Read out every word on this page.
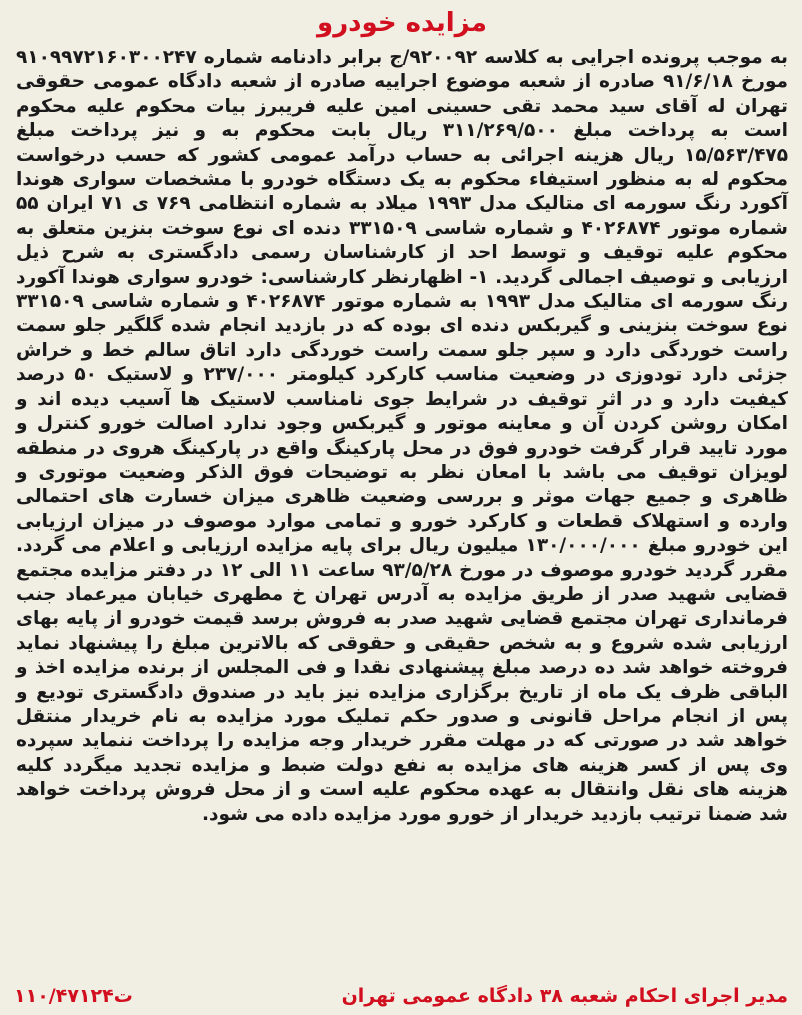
مزایده خودرو

به موجب پرونده اجرایی به کلاسه ۹۲۰۰۹۲/ج برابر دادنامه شماره ۹۱۰۹۹۷۲۱۶۰۳۰۰۲۴۷ مورخ ۹۱/۶/۱۸ صادره از شعبه موضوع اجراییه صادره از شعبه دادگاه عمومی حقوقی تهران له آقای سید محمد تقی حسینی امین علیه فریبرز بیات محکوم علیه محکوم است به پرداخت مبلغ ۳۱۱/۲۶۹/۵۰۰ ریال بابت محکوم به و نیز پرداخت مبلغ ۱۵/۵۶۳/۴۷۵ ریال هزینه اجرائی به حساب درآمد عمومی کشور که حسب درخواست محکوم له به منظور استیفاء محکوم به یک دستگاه خودرو با مشخصات سواری هوندا آکورد رنگ سورمه ای متالیک مدل ۱۹۹۳ میلاد به شماره انتظامی ۷۶۹ ی ۷۱ ایران ۵۵ شماره موتور ۴۰۲۶۸۷۴ و شماره شاسی ۳۳۱۵۰۹ دنده ای نوع سوخت بنزین متعلق به محکوم علیه توقیف و توسط احد از کارشناسان رسمی دادگستری به شرح ذیل ارزیابی و توصیف اجمالی گردید. ۱- اظهارنظر کارشناسی: خودرو سواری هوندا آکورد رنگ سورمه ای متالیک مدل ۱۹۹۳ به شماره موتور ۴۰۲۶۸۷۴ و شماره شاسی ۳۳۱۵۰۹ نوع سوخت بنزینی و گیربکس دنده ای بوده که در بازدید انجام شده گلگیر جلو سمت راست خوردگی دارد و سپر جلو سمت راست خوردگی دارد اتاق سالم خط و خراش جزئی دارد تودوزی در وضعیت مناسب کارکرد کیلومتر ۲۳۷/۰۰۰ و لاستیک ۵۰ درصد کیفیت دارد و در اثر توقیف در شرایط جوی نامناسب لاستیک ها آسیب دیده اند و امکان روشن کردن آن و معاینه موتور و گیربکس وجود ندارد اصالت خورو کنترل و مورد تایید قرار گرفت خودرو فوق در محل پارکینگ واقع در پارکینگ هروی در منطقه لویزان توقیف می باشد با امعان نظر به توضیحات فوق الذکر وضعیت موتوری و ظاهری و جمیع جهات موثر و بررسی وضعیت ظاهری میزان خسارت های احتمالی وارده و استهلاک قطعات و کارکرد خورو و تمامی موارد موصوف در میزان ارزیابی این خودرو مبلغ ۱۳۰/۰۰۰/۰۰۰ میلیون ریال برای پایه مزایده ارزیابی و اعلام می گردد. مقرر گردید خودرو موصوف در مورخ ۹۳/۵/۲۸ ساعت ۱۱ الی ۱۲ در دفتر مزایده مجتمع قضایی شهید صدر از طریق مزایده به آدرس تهران خ مطهری خیابان میرعماد جنب فرمانداری تهران مجتمع قضایی شهید صدر به فروش برسد قیمت خودرو از پایه بهای ارزیابی شده شروع و به شخص حقیقی و حقوقی که بالاترین مبلغ را پیشنهاد نماید فروخته خواهد شد ده درصد مبلغ پیشنهادی نقدا و فی المجلس از برنده مزایده اخذ و الباقی ظرف یک ماه از تاریخ برگزاری مزایده نیز باید در صندوق دادگستری تودیع و پس از انجام مراحل قانونی و صدور حکم تملیک مورد مزایده به نام خریدار منتقل خواهد شد در صورتی که در مهلت مقرر خریدار وجه مزایده را پرداخت ننماید سپرده وی پس از کسر هزینه های مزایده به نفع دولت ضبط و مزایده تجدید میگردد کلیه هزینه های نقل وانتقال به عهده محکوم علیه است و از محل فروش پرداخت خواهد شد ضمنا ترتیب بازدید خریدار از خورو مورد مزایده داده می شود.

مدیر اجرای احکام شعبه ۳۸ دادگاه عمومی تهران
۱۱۰/۴۷۱۲۴ت
